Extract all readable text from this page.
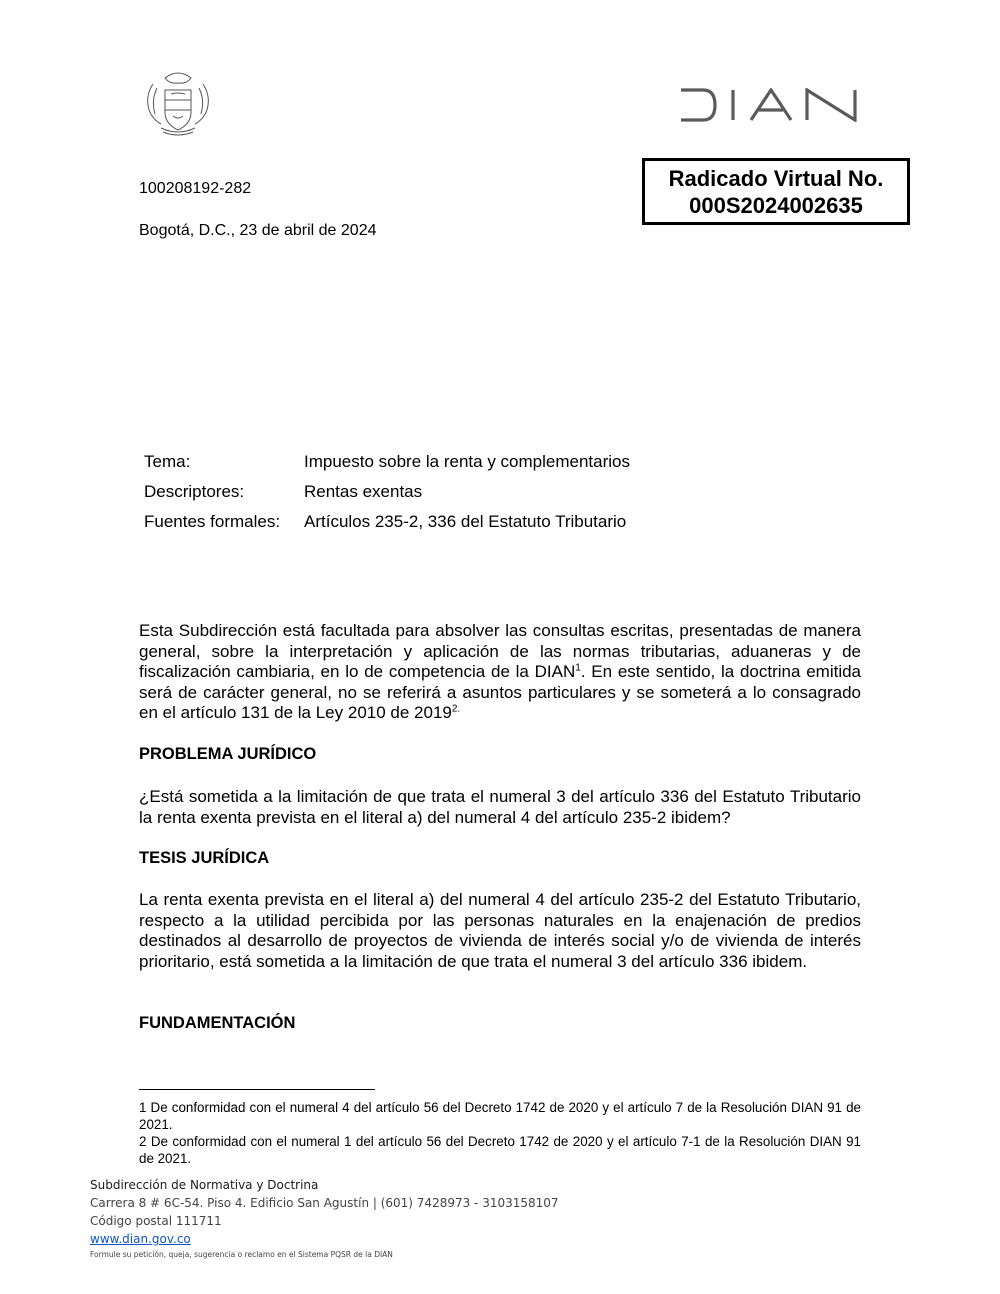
100208192-282
Bogotá, D.C., 23 de abril de 2024
Radicado Virtual No.
000S2024002635
Tema:	Impuesto sobre la renta y complementarios
Descriptores:	Rentas exentas
Fuentes formales:	Artículos 235-2, 336 del Estatuto Tributario
Esta Subdirección está facultada para absolver las consultas escritas, presentadas de manera general, sobre la interpretación y aplicación de las normas tributarias, aduaneras y de fiscalización cambiaria, en lo de competencia de la DIAN$^1$. En este sentido, la doctrina emitida será de carácter general, no se referirá a asuntos particulares y se someterá a lo consagrado en el artículo 131 de la Ley 2010 de $2019^{2.}$
PROBLEMA JURÍDICO
¿Está sometida a la limitación de que trata el numeral 3 del artículo 336 del Estatuto Tributario la renta exenta prevista en el literal a) del numeral 4 del artículo 235-2 ibidem?
TESIS JURÍDICA
La renta exenta prevista en el literal a) del numeral 4 del artículo 235-2 del Estatuto Tributario, respecto a la utilidad percibida por las personas naturales en la enajenación de predios destinados al desarrollo de proyectos de vivienda de interés social y/o de vivienda de interés prioritario, está sometida a la limitación de que trata el numeral 3 del artículo 336 ibidem.
FUNDAMENTACIÓN
1 De conformidad con el numeral 4 del artículo 56 del Decreto 1742 de 2020 y el artículo 7 de la Resolución DIAN 91 de 2021.
2 De conformidad con el numeral 1 del artículo 56 del Decreto 1742 de 2020 y el artículo 7-1 de la Resolución DIAN 91 de 2021.
Subdirección de Normativa y Doctrina
Carrera 8 # 6C-54. Piso 4. Edificio San Agustín | (601) 7428973 - 3103158107
Código postal 111711
www.dian.gov.co
Formule su petición, queja, sugerencia o reclamo en el Sistema PQSR de la DIAN
